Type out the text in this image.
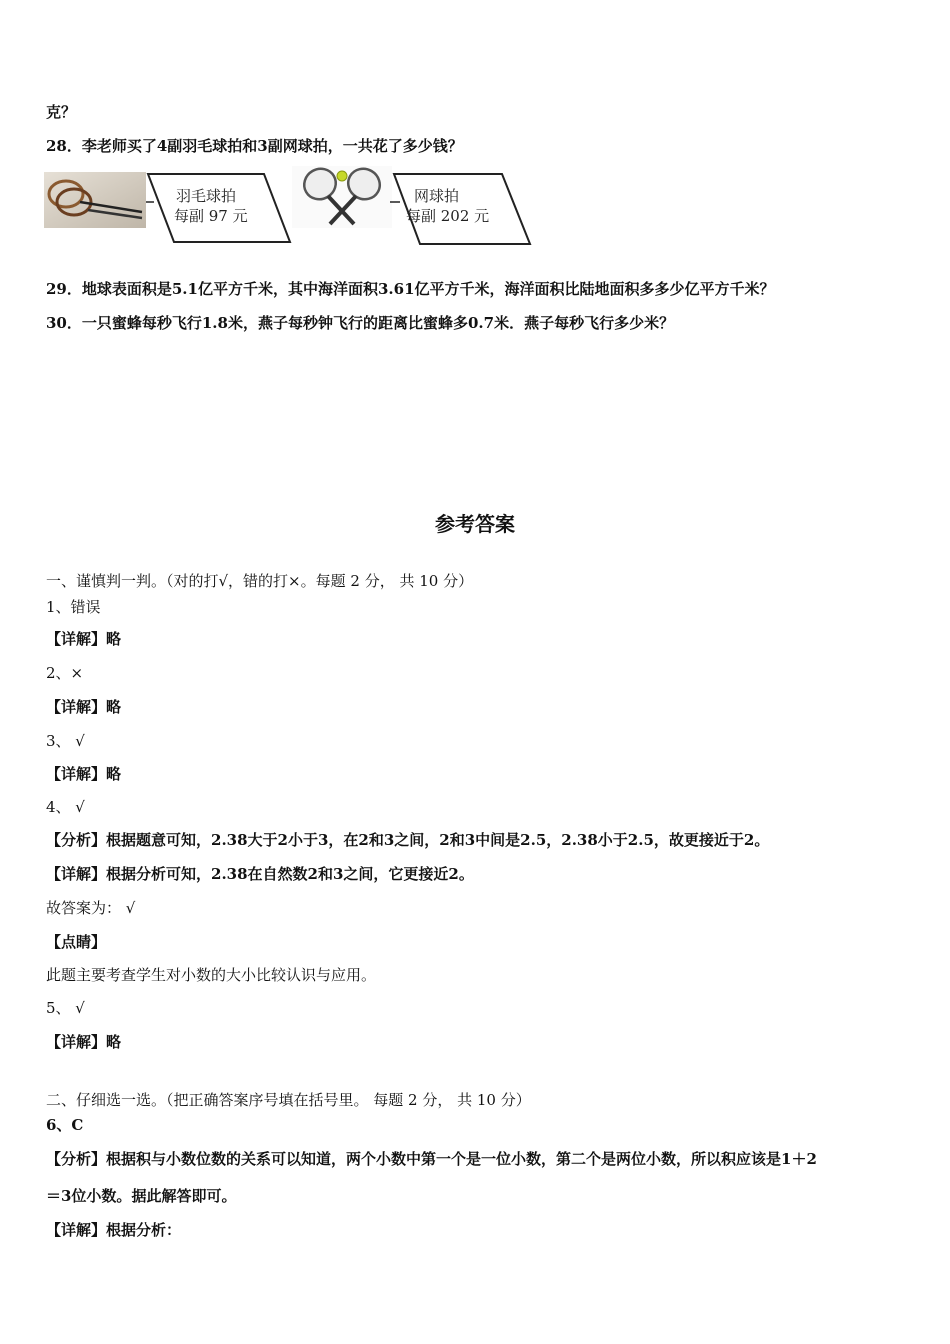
克？
28．李老师买了4副羽毛球拍和3副网球拍，一共花了多少钱？
羽毛球拍
每副 97 元
网球拍
每副 202 元
29．地球表面积是5.1亿平方千米，其中海洋面积3.61亿平方千米，海洋面积比陆地面积多多少亿平方千米？
30．一只蜜蜂每秒飞行1.8米，燕子每秒钟飞行的距离比蜜蜂多0.7米．燕子每秒飞行多少米？
参考答案
一、谨慎判一判。（对的打√，错的打×。每题 2 分， 共 10 分）
1、错误
【详解】略
2、×
【详解】略
3、 √
【详解】略
4、 √
【分析】根据题意可知，2.38大于2小于3，在2和3之间，2和3中间是2.5，2.38小于2.5，故更接近于2。
【详解】根据分析可知，2.38在自然数2和3之间，它更接近2。
故答案为： √
【点睛】
此题主要考查学生对小数的大小比较认识与应用。
5、 √
【详解】略
二、仔细选一选。（把正确答案序号填在括号里。 每题 2 分， 共 10 分）
6、C
【分析】根据积与小数位数的关系可以知道，两个小数中第一个是一位小数，第二个是两位小数，所以积应该是1＋2
＝3位小数。据此解答即可。
【详解】根据分析：
